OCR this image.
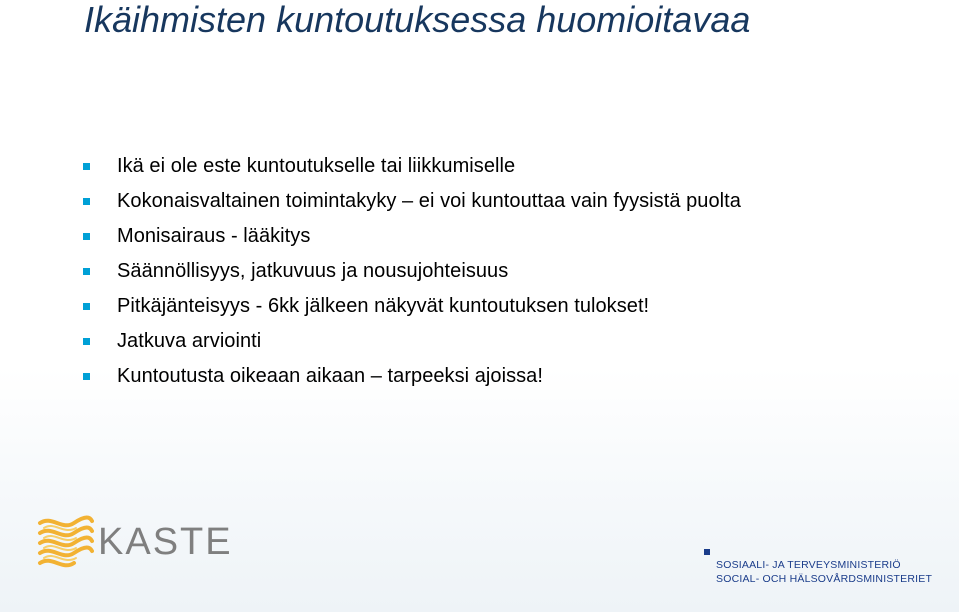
Ikäihmisten kuntoutuksessa huomioitavaa
Ikä ei ole este kuntoutukselle tai liikkumiselle
Kokonaisvaltainen toimintakyky – ei voi kuntouttaa vain fyysistä puolta
Monisairaus - lääkitys
Säännöllisyys, jatkuvuus ja nousujohteisuus
Pitkäjänteisyys - 6kk jälkeen näkyvät kuntoutuksen tulokset!
Jatkuva arviointi
Kuntoutusta oikeaan aikaan – tarpeeksi ajoissa!
KASTE
SOSIAALI- JA TERVEYSMINISTERIÖ
SOCIAL- OCH HÄLSOVÅRDSMINISTERIET
